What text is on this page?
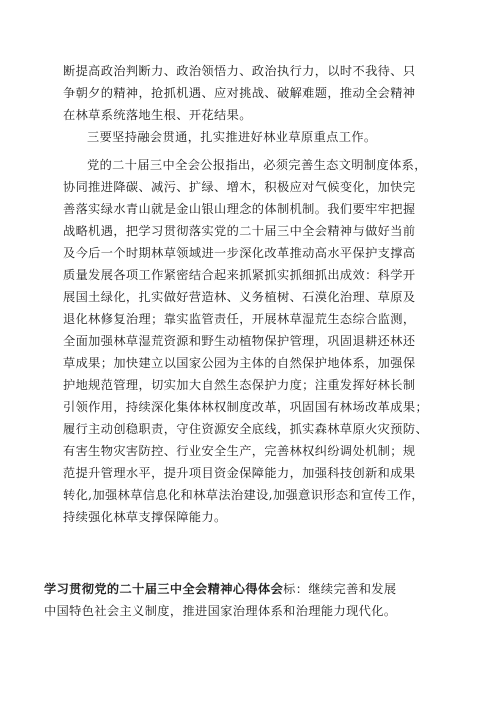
断提高政治判断力、政治领悟力、政治执行力，以时不我待、只
争朝夕的精神，抢抓机遇、应对挑战、破解难题，推动全会精神
在林草系统落地生根、开花结果。
三要坚持融会贯通，扎实推进好林业草原重点工作。
党的二十届三中全会公报指出，必须完善生态文明制度体系，
协同推进降碳、减污、扩绿、增木，积极应对气候变化，加快完
善落实绿水青山就是金山银山理念的体制机制。我们要牢牢把握
战略机遇，把学习贯彻落实党的二十届三中全会精神与做好当前
及今后一个时期林草领域进一步深化改革推动高水平保护支撑高
质量发展各项工作紧密结合起来抓紧抓实抓细抓出成效：科学开
展国土绿化，扎实做好营造林、义务植树、石漠化治理、草原及
退化林修复治理；靠实监管责任，开展林草湿荒生态综合监测，
全面加强林草湿荒资源和野生动植物保护管理，巩固退耕还林还
草成果；加快建立以国家公园为主体的自然保护地体系，加强保
护地规范管理，切实加大自然生态保护力度；注重发挥好林长制
引领作用，持续深化集体林权制度改革，巩固国有林场改革成果；
履行主动创稳职责，守住资源安全底线，抓实森林草原火灾预防、
有害生物灾害防控、行业安全生产，完善林权纠纷调处机制；规
范提升管理水平，提升项目资金保障能力，加强科技创新和成果
转化,加强林草信息化和林草法治建设,加强意识形态和宣传工作，
持续强化林草支撑保障能力。
学习贯彻党的二十届三中全会精神心得体会标：继续完善和发展
中国特色社会主义制度，推进国家治理体系和治理能力现代化。
